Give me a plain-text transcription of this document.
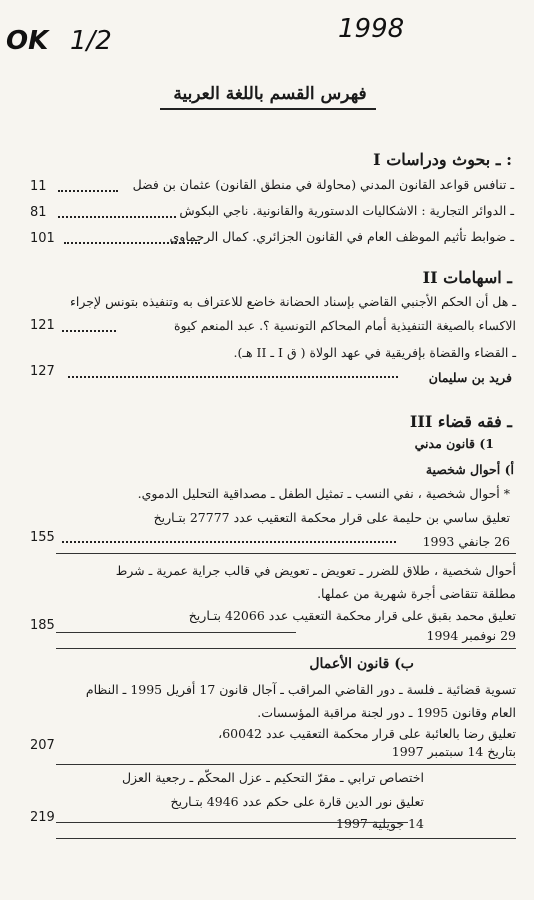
OK 1/2	1998
فهرس القسم باللغة العربية
I ـ بحوث ودراسات :
ـ تنافس قواعد القانون المدني (محاولة في منطق القانون) عثمان بن فضل
11
ـ الدوائر التجارية : الاشكاليات الدستورية والقانونية. ناجي البكوش
81
ـ ضوابط تأثيم الموظف العام في القانون الجزائري. كمال الرحماوي
101
II ـ اسهامات
ـ هل أن الحكم الأجنبي القاضي بإسناد الحضانة خاضع للاعتراف به وتنفيذه بتونس لإجراء
الاكساء بالصيغة التنفيذية أمام المحاكم التونسية ؟. عبد المنعم كيوة
121
ـ القضاء والقضاة بإفريقية في عهد الولاة ( ق I ـ II هـ).
فريد بن سليمان
127
III ـ فقه قضاء
1) قانون مدني
أ) أحوال شخصية
* أحوال شخصية ، نفي النسب ـ تمثيل الطفل ـ مصداقية التحليل الدموي.
تعليق ساسي بن حليمة على قرار محكمة التعقيب عدد 27777 بتـاريخ
26 جانفي 1993
155
أحوال شخصية ، طلاق للضرر ـ تعويض ـ تعويض في قالب جراية عمرية ـ شرط
مطلقة تتقاضى أجرة شهرية من عملها.
تعليق محمد بقبق على قرار محكمة التعقيب عدد 42066 بتـاريخ
29 نوفمبر 1994
185
ب) قانون الأعمال
تسوية قضائية ـ فلسة ـ دور القاضي المراقب ـ آجال قانون 17 أفريل 1995 ـ النظام
العام وقانون 1995 ـ دور لجنة مراقبة المؤسسات.
تعليق رضا بالعائبة على قرار محكمة التعقيب عدد 60042،
بتاريخ 14 سبتمبر 1997
207
اختصاص ترابي ـ مقرّ التحكيم ـ عزل المحكّم ـ رجعية العزل
تعليق نور الدين قارة على حكم عدد 4946 بتـاريخ
14 جويلية 1997
219
